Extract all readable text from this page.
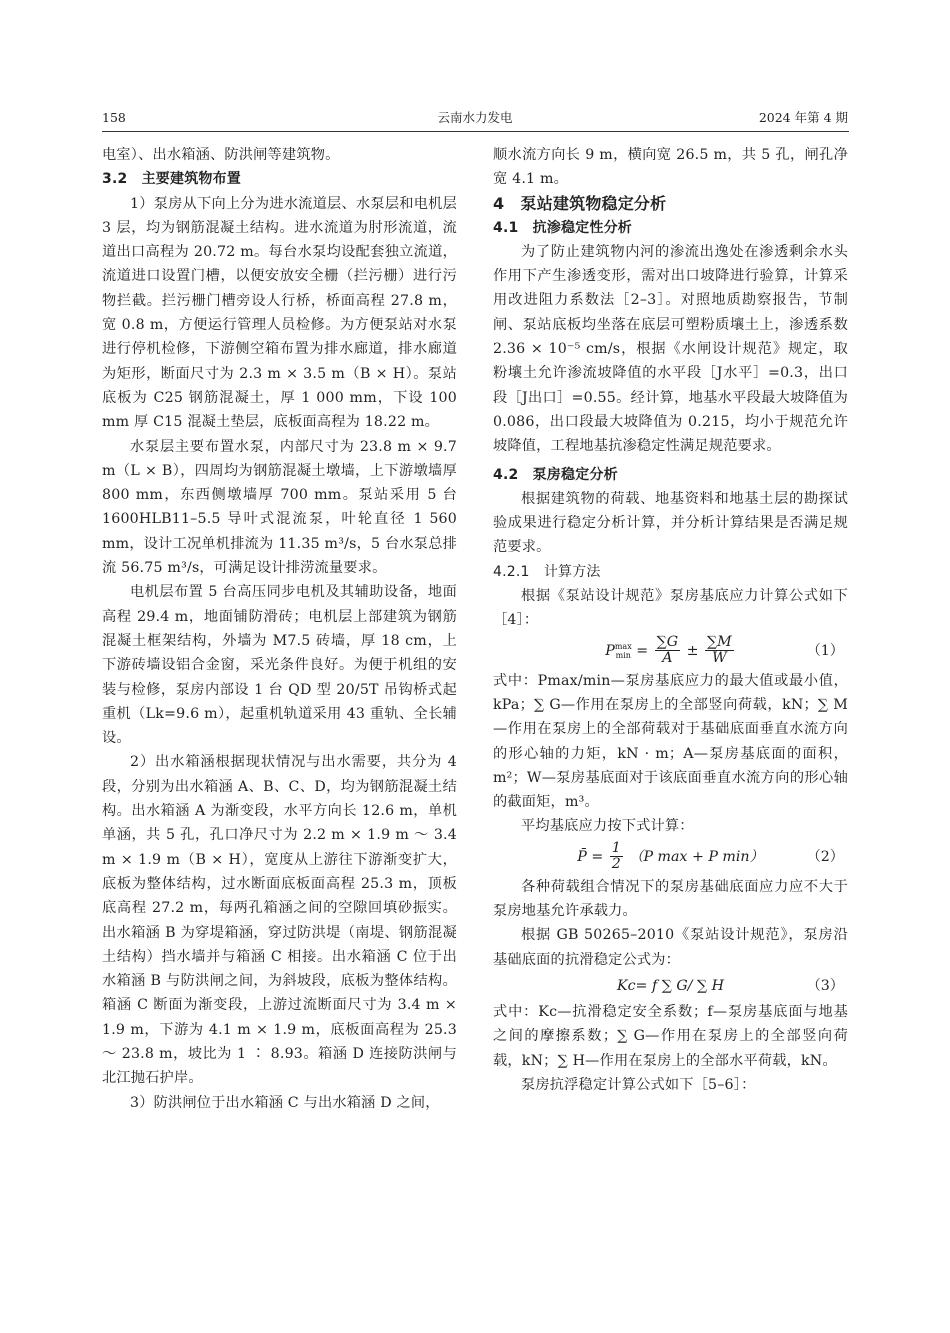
158	云南水力发电	2024 年第 4 期

电室）、出水箱涵、防洪闸等建筑物。

3.2　主要建筑物布置

1）泵房从下向上分为进水流道层、水泵层和电机层 3 层，均为钢筋混凝土结构。进水流道为肘形流道，流道出口高程为 20.72 m。每台水泵均设配套独立流道，流道进口设置门槽，以便安放安全栅（拦污栅）进行污物拦截。拦污栅门槽旁设人行桥，桥面高程 27.8 m，宽 0.8 m，方便运行管理人员检修。为方便泵站对水泵进行停机检修，下游侧空箱布置为排水廊道，排水廊道为矩形，断面尺寸为 2.3 m × 3.5 m（B × H）。泵站底板为 C25 钢筋混凝土，厚 1 000 mm，下设 100 mm 厚 C15 混凝土垫层，底板面高程为 18.22 m。

水泵层主要布置水泵，内部尺寸为 23.8 m × 9.7 m（L × B），四周均为钢筋混凝土墩墙，上下游墩墙厚 800 mm，东西侧墩墙厚 700 mm。泵站采用 5 台 1600HLB11–5.5 导叶式混流泵，叶轮直径 1 560 mm，设计工况单机排流为 11.35 m³/s，5 台水泵总排流 56.75 m³/s，可满足设计排涝流量要求。

电机层布置 5 台高压同步电机及其辅助设备，地面高程 29.4 m，地面铺防滑砖；电机层上部建筑为钢筋混凝土框架结构，外墙为 M7.5 砖墙，厚 18 cm，上下游砖墙设铝合金窗，采光条件良好。为便于机组的安装与检修，泵房内部设 1 台 QD 型 20/5T 吊钩桥式起重机（Lk=9.6 m），起重机轨道采用 43 重轨、全长辅设。

2）出水箱涵根据现状情况与出水需要，共分为 4 段，分别为出水箱涵 A、B、C、D，均为钢筋混凝土结构。出水箱涵 A 为渐变段，水平方向长 12.6 m，单机单涵，共 5 孔，孔口净尺寸为 2.2 m × 1.9 m ～ 3.4 m × 1.9 m（B × H），宽度从上游往下游渐变扩大，底板为整体结构，过水断面底板面高程 25.3 m，顶板底高程 27.2 m，每两孔箱涵之间的空隙回填砂振实。出水箱涵 B 为穿堤箱涵，穿过防洪堤（南堤、钢筋混凝土结构）挡水墙并与箱涵 C 相接。出水箱涵 C 位于出水箱涵 B 与防洪闸之间，为斜坡段，底板为整体结构。箱涵 C 断面为渐变段，上游过流断面尺寸为 3.4 m × 1.9 m，下游为 4.1 m × 1.9 m，底板面高程为 25.3 ～ 23.8 m，坡比为 1 ∶ 8.93。箱涵 D 连接防洪闸与北江抛石护岸。

3）防洪闸位于出水箱涵 C 与出水箱涵 D 之间，

顺水流方向长 9 m，横向宽 26.5 m，共 5 孔，闸孔净宽 4.1 m。

4　泵站建筑物稳定分析

4.1　抗渗稳定性分析

为了防止建筑物内河的渗流出逸处在渗透剩余水头作用下产生渗透变形，需对出口坡降进行验算，计算采用改进阻力系数法［2–3］。对照地质勘察报告，节制闸、泵站底板均坐落在底层可塑粉质壤土上，渗透系数 2.36 × 10⁻⁵ cm/s，根据《水闸设计规范》规定，取粉壤土允许渗流坡降值的水平段［J水平］=0.3，出口段［J出口］=0.55。经计算，地基水平段最大坡降值为 0.086，出口段最大坡降值为 0.215，均小于规范允许坡降值，工程地基抗渗稳定性满足规范要求。

4.2　泵房稳定分析

根据建筑物的荷载、地基资料和地基土层的勘探试验成果进行稳定分析计算，并分析计算结果是否满足规范要求。

4.2.1　计算方法

根据《泵站设计规范》泵房基底应力计算公式如下［4］：

Pmax
$\min = \frac{\sum G}{A} \pm \frac{\sum M}{W}$	（1）

式中：Pmax/min—泵房基底应力的最大值或最小值，kPa；∑ G—作用在泵房上的全部竖向荷载，kN；∑ M—作用在泵房上的全部荷载对于基础底面垂直水流方向的形心轴的力矩，kN · m；A—泵房基底面的面积，m²；W—泵房基底面对于该底面垂直水流方向的形心轴的截面矩，m³。

平均基底应力按下式计算：

P̄ = $\frac{1}{2} (P$ max + P min）	（2）

各种荷载组合情况下的泵房基础底面应力应不大于泵房地基允许承载力。

根据 GB 50265–2010《泵站设计规范》，泵房沿基础底面的抗滑稳定公式为：

Kc= f ∑ G/ ∑ H	（3）

式中：Kc—抗滑稳定安全系数；f—泵房基底面与地基之间的摩擦系数；∑ G—作用在泵房上的全部竖向荷载，kN；∑ H—作用在泵房上的全部水平荷载，kN。

泵房抗浮稳定计算公式如下［5–6］：
